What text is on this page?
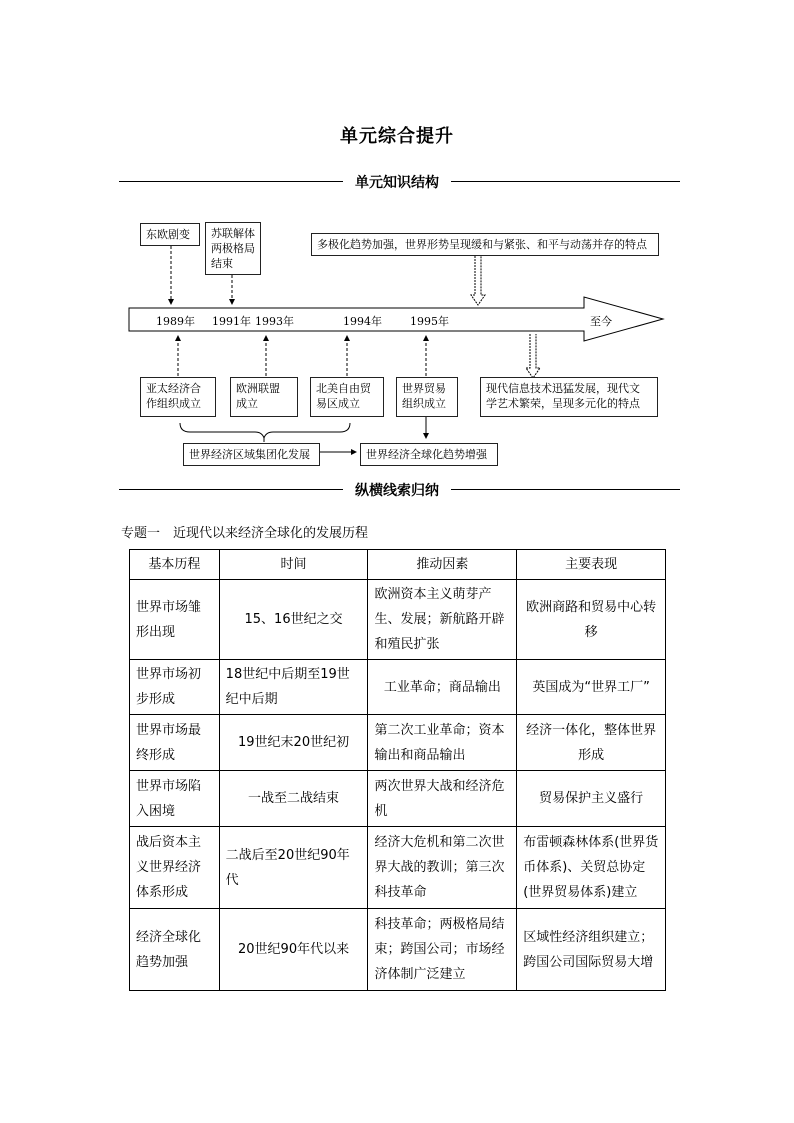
单元综合提升
单元知识结构
东欧剧变	苏联解体
两极格局
结束
多极化趋势加强，世界形势呈现缓和与紧张、和平与动荡并存的特点
1989年 1991年 1993年	1994年	1995年	至今
亚太经济合
作组织成立
欧洲联盟
成立
北美自由贸
易区成立
世界贸易
组织成立
现代信息技术迅猛发展，现代文
学艺术繁荣，呈现多元化的特点
世界经济区域集团化发展	世界经济全球化趋势增强
纵横线索归纳
专题一　近现代以来经济全球化的发展历程
基本历程	时间	推动因素	主要表现
世界市场雏形出现	15、16世纪之交	欧洲资本主义萌芽产生、发展；新航路开辟和殖民扩张	欧洲商路和贸易中心转移
世界市场初步形成	18世纪中后期至19世纪中后期	工业革命；商品输出	英国成为“世界工厂”
世界市场最终形成	19世纪末20世纪初	第二次工业革命；资本输出和商品输出	经济一体化，整体世界形成
世界市场陷入困境	一战至二战结束	两次世界大战和经济危机	贸易保护主义盛行
战后资本主义世界经济体系形成	二战后至20世纪90年代	经济大危机和第二次世界大战的教训；第三次科技革命	布雷顿森林体系(世界货币体系)、关贸总协定(世界贸易体系)建立
经济全球化趋势加强	20世纪90年代以来	科技革命；两极格局结束；跨国公司；市场经济体制广泛建立	区域性经济组织建立；跨国公司国际贸易大增
